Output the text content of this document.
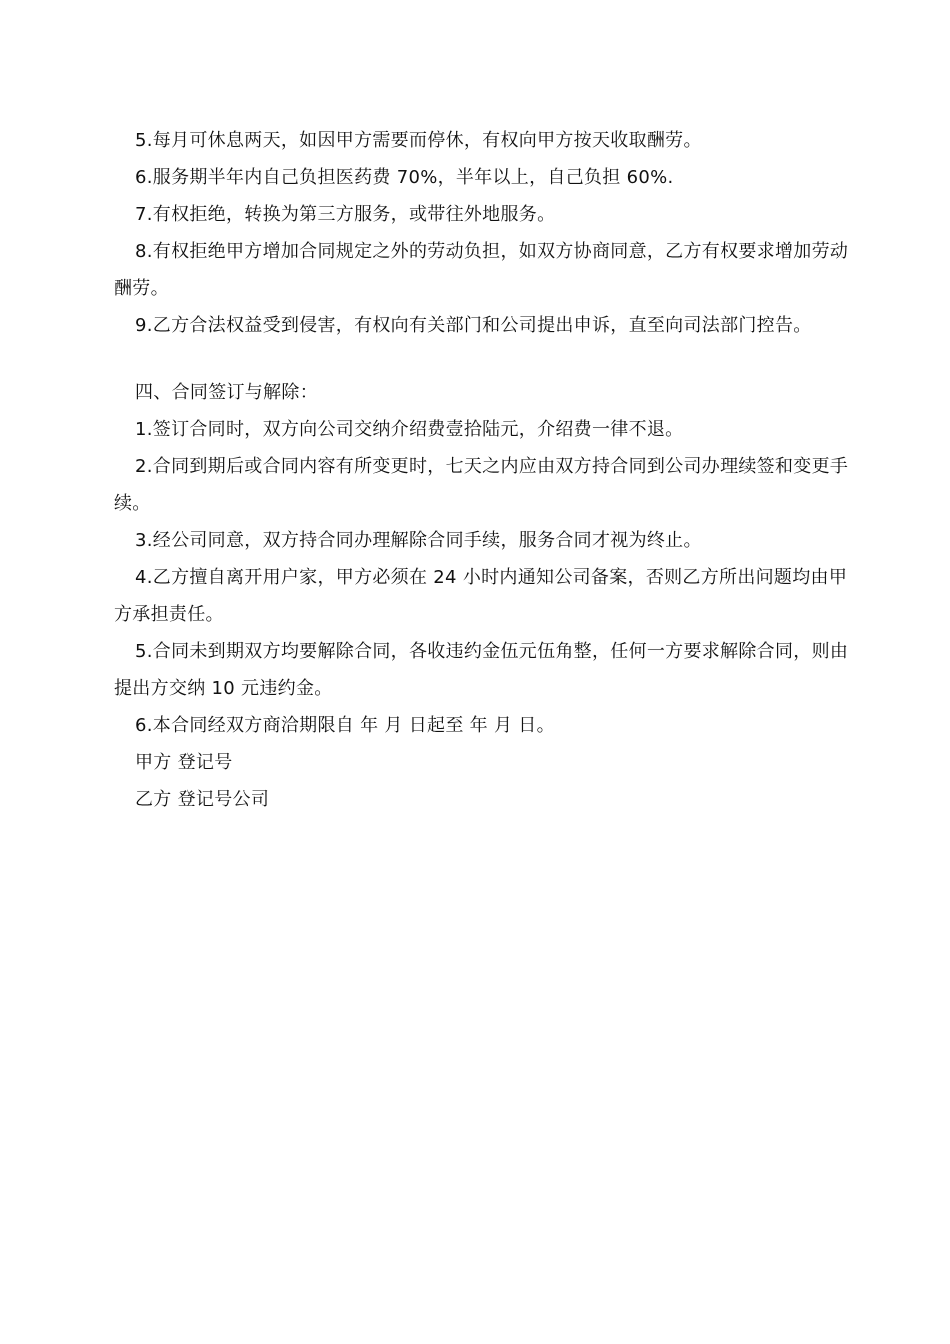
5.每月可休息两天，如因甲方需要而停休，有权向甲方按天收取酬劳。

6.服务期半年内自己负担医药费 70%，半年以上，自己负担 60%.

7.有权拒绝，转换为第三方服务，或带往外地服务。

8.有权拒绝甲方增加合同规定之外的劳动负担，如双方协商同意，乙方有权要求增加劳动酬劳。

9.乙方合法权益受到侵害，有权向有关部门和公司提出申诉，直至向司法部门控告。

四、合同签订与解除：

1.签订合同时，双方向公司交纳介绍费壹拾陆元，介绍费一律不退。

2.合同到期后或合同内容有所变更时，七天之内应由双方持合同到公司办理续签和变更手续。

3.经公司同意，双方持合同办理解除合同手续，服务合同才视为终止。

4.乙方擅自离开用户家，甲方必须在 24 小时内通知公司备案，否则乙方所出问题均由甲方承担责任。

5.合同未到期双方均要解除合同，各收违约金伍元伍角整，任何一方要求解除合同，则由提出方交纳 10 元违约金。

6.本合同经双方商洽期限自 年 月 日起至 年 月 日。

甲方 登记号

乙方 登记号公司
